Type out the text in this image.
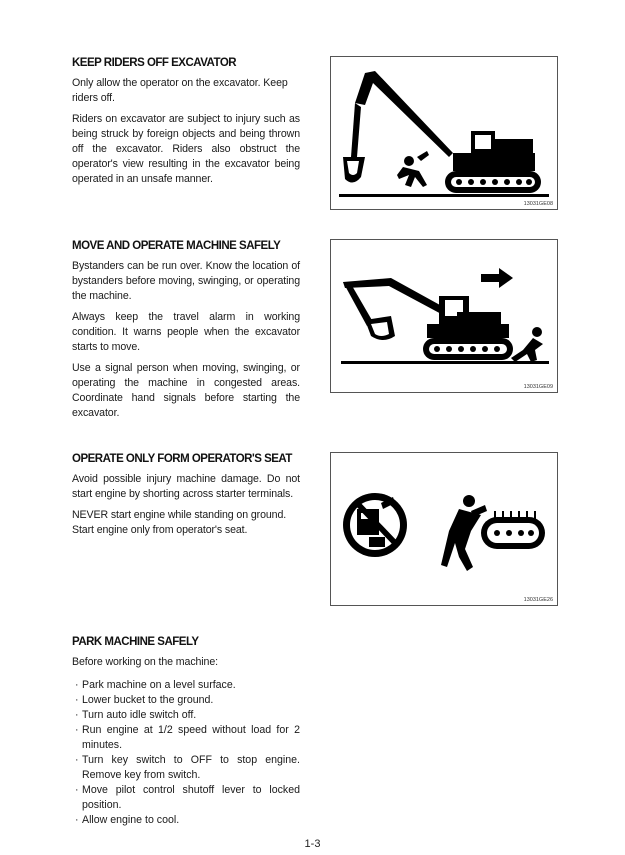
KEEP RIDERS OFF EXCAVATOR

Only allow the operator on the excavator. Keep riders off.

Riders on excavator are subject to injury such as being struck by foreign objects and being thrown off the excavator. Riders also obstruct the operator's view resulting in the excavator being operated in an unsafe manner.

13031GE08
MOVE AND OPERATE MACHINE SAFELY

Bystanders can be run over. Know the location of bystanders before moving, swinging, or operating the machine.

Always keep the travel alarm in working condition. It warns people when the excavator starts to move.

Use a signal person when moving, swinging, or operating the machine in congested areas. Coordinate hand signals before starting the excavator.

13031GE09
OPERATE ONLY FORM OPERATOR'S SEAT

Avoid possible injury machine damage. Do not start engine by shorting across starter terminals.

NEVER start engine while standing on ground. Start engine only from operator's seat.

13031GE26
PARK MACHINE SAFELY

Before working on the machine:

· Park machine on a level surface.
· Lower bucket to the ground.
· Turn auto idle switch off.
· Run engine at 1/2 speed without load for 2 minutes.
· Turn key switch to OFF to stop engine. Remove key from switch.
· Move pilot control shutoff lever to locked position.
· Allow engine to cool.
1-3
